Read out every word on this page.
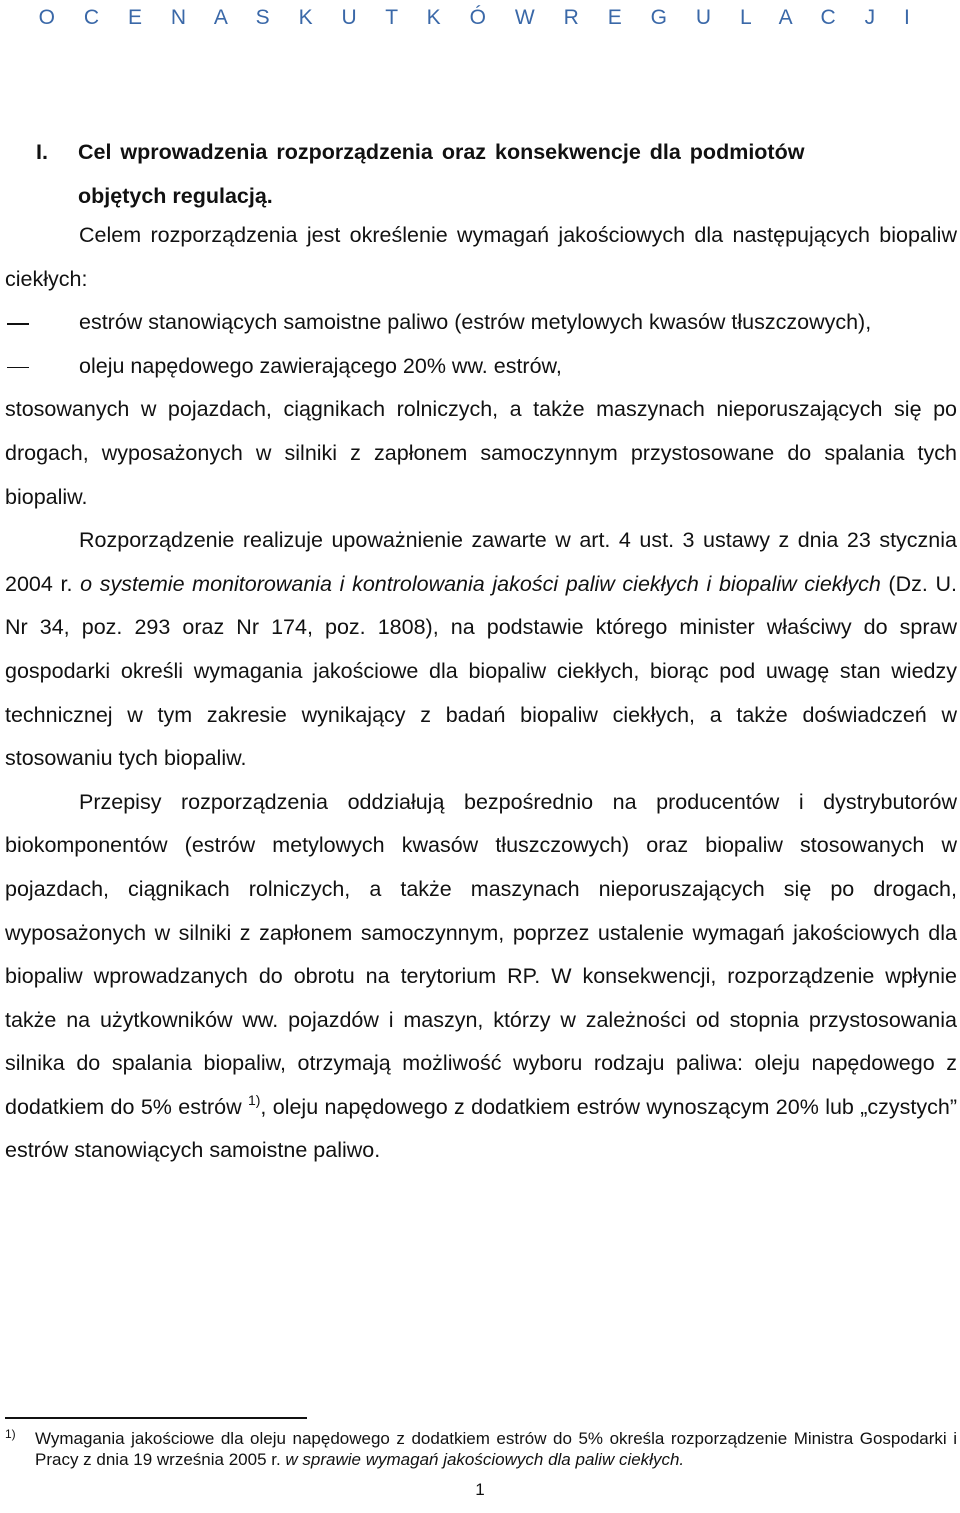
O C E N A S K U T K Ó W R E G U L A C J I
I. Cel wprowadzenia rozporządzenia oraz konsekwencje dla podmiotów
objętych regulacją.

Celem rozporządzenia jest określenie wymagań jakościowych dla następujących biopaliw ciekłych:

estrów stanowiących samoistne paliwo (estrów metylowych kwasów tłuszczowych),

oleju napędowego zawierającego 20% ww. estrów,

stosowanych w pojazdach, ciągnikach rolniczych, a także maszynach nieporuszających się po drogach, wyposażonych w silniki z zapłonem samoczynnym przystosowane do spalania tych biopaliw.

Rozporządzenie realizuje upoważnienie zawarte w art. 4 ust. 3 ustawy z dnia 23 stycznia 2004 r. o systemie monitorowania i kontrolowania jakości paliw ciekłych i biopaliw ciekłych (Dz. U. Nr 34, poz. 293 oraz Nr 174, poz. 1808), na podstawie którego minister właściwy do spraw gospodarki określi wymagania jakościowe dla biopaliw ciekłych, biorąc pod uwagę stan wiedzy technicznej w tym zakresie wynikający z badań biopaliw ciekłych, a także doświadczeń w stosowaniu tych biopaliw.

Przepisy rozporządzenia oddziałują bezpośrednio na producentów i dystrybutorów biokomponentów (estrów metylowych kwasów tłuszczowych) oraz biopaliw stosowanych w pojazdach, ciągnikach rolniczych, a także maszynach nieporuszających się po drogach, wyposażonych w silniki z zapłonem samoczynnym, poprzez ustalenie wymagań jakościowych dla biopaliw wprowadzanych do obrotu na terytorium RP. W konsekwencji, rozporządzenie wpłynie także na użytkowników ww. pojazdów i maszyn, którzy w zależności od stopnia przystosowania silnika do spalania biopaliw, otrzymają możliwość wyboru rodzaju paliwa: oleju napędowego z dodatkiem do 5% estrów $^{1)}$, oleju napędowego z dodatkiem estrów wynoszącym 20% lub „czystych” estrów stanowiących samoistne paliwo.

1) Wymagania jakościowe dla oleju napędowego z dodatkiem estrów do 5% określa rozporządzenie Ministra Gospodarki i Pracy z dnia 19 września 2005 r. w sprawie wymagań jakościowych dla paliw ciekłych.
1
